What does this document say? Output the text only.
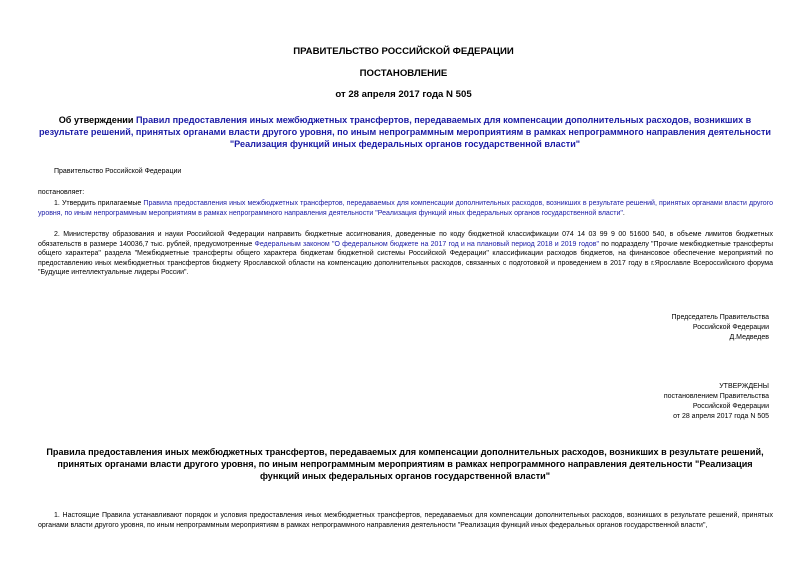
ПРАВИТЕЛЬСТВО РОССИЙСКОЙ ФЕДЕРАЦИИ
ПОСТАНОВЛЕНИЕ
от 28 апреля 2017 года N 505
Об утверждении Правил предоставления иных межбюджетных трансфертов, передаваемых для компенсации дополнительных расходов, возникших в результате решений, принятых органами власти другого уровня, по иным непрограммным мероприятиям в рамках непрограммного направления деятельности "Реализация функций иных федеральных органов государственной власти"
Правительство Российской Федерации
постановляет:
1. Утвердить прилагаемые Правила предоставления иных межбюджетных трансфертов, передаваемых для компенсации дополнительных расходов, возникших в результате решений, принятых органами власти другого уровня, по иным непрограммным мероприятиям в рамках непрограммного направления деятельности "Реализация функций иных федеральных органов государственной власти".
2. Министерству образования и науки Российской Федерации направить бюджетные ассигнования, доведенные по коду бюджетной классификации 074 14 03 99 9 00 51600 540, в объеме лимитов бюджетных обязательств в размере 140036,7 тыс. рублей, предусмотренные Федеральным законом "О федеральном бюджете на 2017 год и на плановый период 2018 и 2019 годов" по подразделу "Прочие межбюджетные трансферты общего характера" раздела "Межбюджетные трансферты общего характера бюджетам бюджетной системы Российской Федерации" классификации расходов бюджетов, на финансовое обеспечение мероприятий по предоставлению иных межбюджетных трансфертов бюджету Ярославской области на компенсацию дополнительных расходов, связанных с подготовкой и проведением в 2017 году в г.Ярославле Всероссийского форума "Будущие интеллектуальные лидеры России".
Председатель Правительства
Российской Федерации
Д.Медведев
УТВЕРЖДЕНЫ
постановлением Правительства
Российской Федерации
от 28 апреля 2017 года N 505
Правила предоставления иных межбюджетных трансфертов, передаваемых для компенсации дополнительных расходов, возникших в результате решений, принятых органами власти другого уровня, по иным непрограммным мероприятиям в рамках непрограммного направления деятельности "Реализация функций иных федеральных органов государственной власти"
1. Настоящие Правила устанавливают порядок и условия предоставления иных межбюджетных трансфертов, передаваемых для компенсации дополнительных расходов, возникших в результате решений, принятых органами власти другого уровня, по иным непрограммным мероприятиям в рамках непрограммного направления деятельности "Реализация функций иных федеральных органов государственной власти",
